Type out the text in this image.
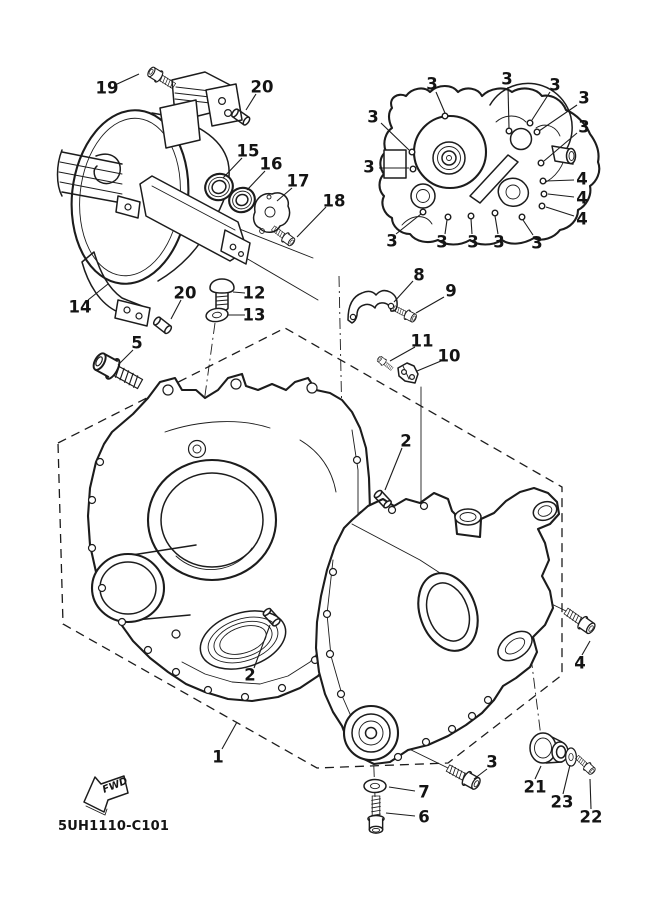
FWD
5UH1110-C101
19	20
15
16
17
18
14
20	12
13
5
3	3 3
3
3
3
3
3 3 3 3 3
4
4
4
8
9
11
10
2
2
1
7
6
3
4
21
23
22
